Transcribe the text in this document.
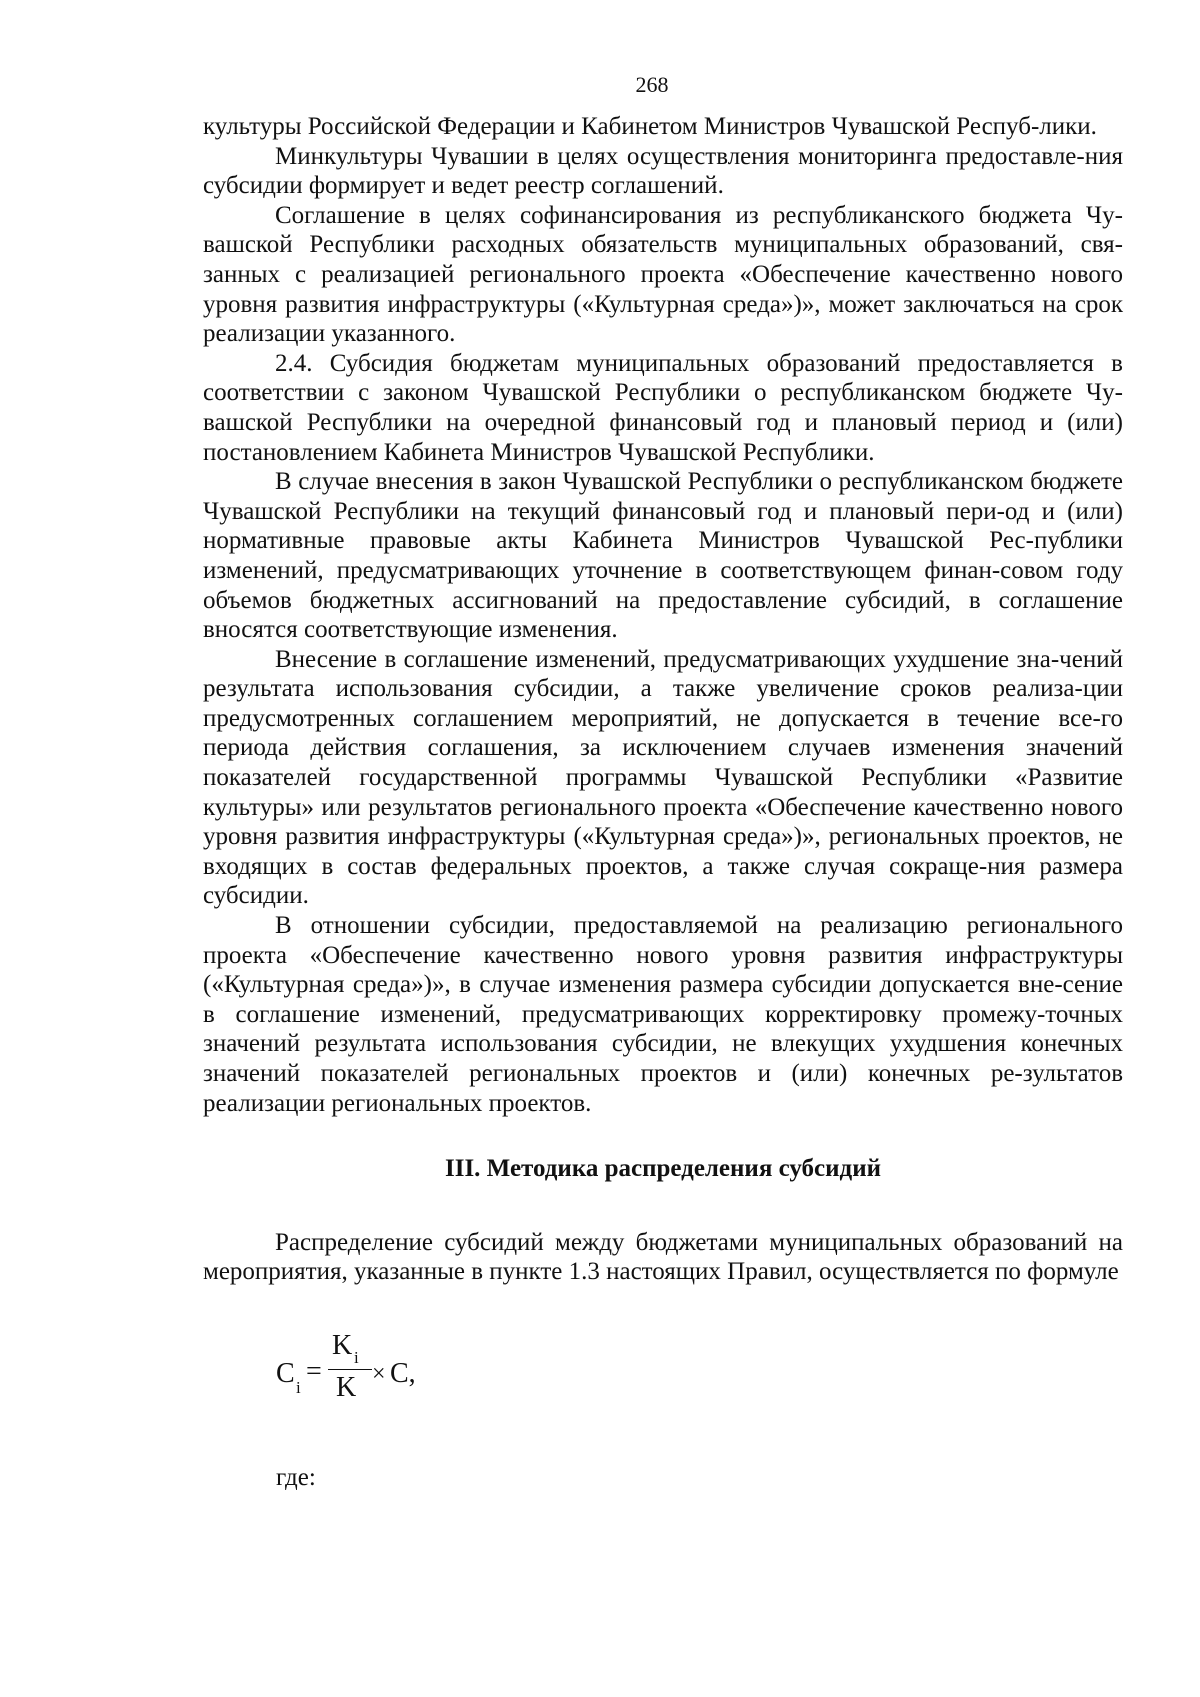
268

культуры Российской Федерации и Кабинетом Министров Чувашской Респуб-лики.

Минкультуры Чувашии в целях осуществления мониторинга предоставле-ния субсидии формирует и ведет реестр соглашений.

Соглашение в целях софинансирования из республиканского бюджета Чу-вашской Республики расходных обязательств муниципальных образований, свя-занных с реализацией регионального проекта «Обеспечение качественно нового уровня развития инфраструктуры («Культурная среда»)», может заключаться на срок реализации указанного.

2.4. Субсидия бюджетам муниципальных образований предоставляется в соответствии с законом Чувашской Республики о республиканском бюджете Чу-вашской Республики на очередной финансовый год и плановый период и (или) постановлением Кабинета Министров Чувашской Республики.

В случае внесения в закон Чувашской Республики о республиканском бюджете Чувашской Республики на текущий финансовый год и плановый пери-од и (или) нормативные правовые акты Кабинета Министров Чувашской Рес-публики изменений, предусматривающих уточнение в соответствующем финан-совом году объемов бюджетных ассигнований на предоставление субсидий, в соглашение вносятся соответствующие изменения.

Внесение в соглашение изменений, предусматривающих ухудшение зна-чений результата использования субсидии, а также увеличение сроков реализа-ции предусмотренных соглашением мероприятий, не допускается в течение все-го периода действия соглашения, за исключением случаев изменения значений показателей государственной программы Чувашской Республики «Развитие культуры» или результатов регионального проекта «Обеспечение качественно нового уровня развития инфраструктуры («Культурная среда»)», региональных проектов, не входящих в состав федеральных проектов, а также случая сокраще-ния размера субсидии.

В отношении субсидии, предоставляемой на реализацию регионального проекта «Обеспечение качественно нового уровня развития инфраструктуры («Культурная среда»)», в случае изменения размера субсидии допускается вне-сение в соглашение изменений, предусматривающих корректировку промежу-точных значений результата использования субсидии, не влекущих ухудшения конечных значений показателей региональных проектов и (или) конечных ре-зультатов реализации региональных проектов.

III. Методика распределения субсидий

Распределение субсидий между бюджетами муниципальных образований на мероприятия, указанные в пункте 1.3 настоящих Правил, осуществляется по формуле

C i
=
K i
K × C,
где:
